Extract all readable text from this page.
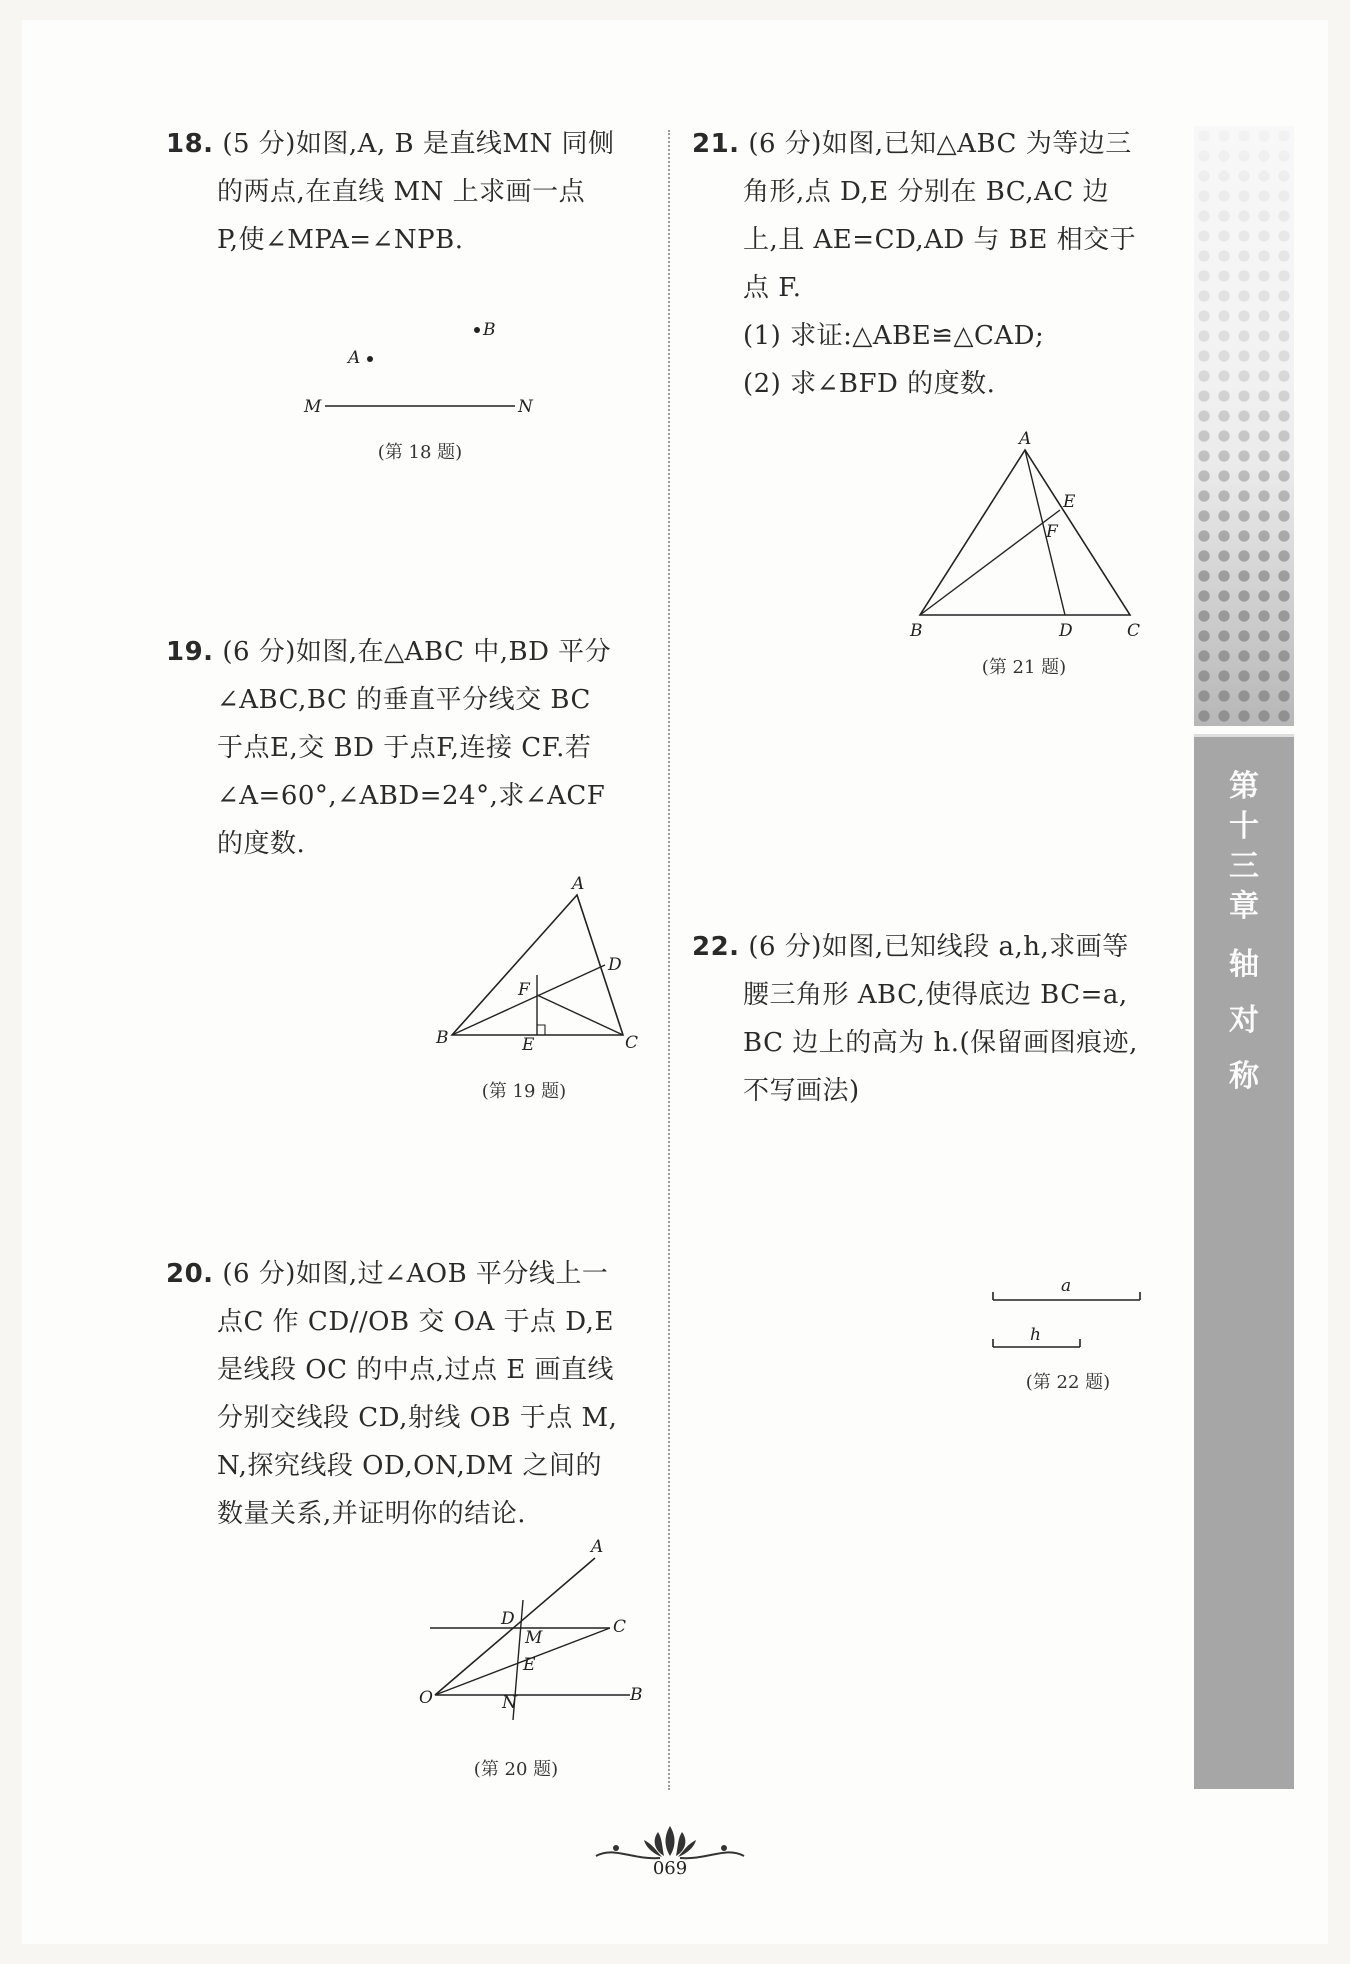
18. (5 分)如图,A, B 是直线MN 同侧
的两点,在直线 MN 上求画一点
P,使∠MPA=∠NPB.
A
B
M	N
(第 18 题)
19. (6 分)如图,在△ABC 中,BD 平分
∠ABC,BC 的垂直平分线交 BC
于点E,交 BD 于点F,连接 CF.若
∠A=60°,∠ABD=24°,求∠ACF
的度数.
A
B	C
D
E
F
(第 19 题)
20. (6 分)如图,过∠AOB 平分线上一
点C 作 CD//OB 交 OA 于点 D,E
是线段 OC 的中点,过点 E 画直线
分别交线段 CD,射线 OB 于点 M,
N,探究线段 OD,ON,DM 之间的
数量关系,并证明你的结论.
A
B
C
D
E
M
N
O
(第 20 题)
21. (6 分)如图,已知△ABC 为等边三
角形,点 D,E 分别在 BC,AC 边
上,且 AE=CD,AD 与 BE 相交于
点 F.
(1) 求证:△ABE≌△CAD;
(2) 求∠BFD 的度数.
A
B	C
D
E
F
(第 21 题)
22. (6 分)如图,已知线段 a,h,求画等
腰三角形 ABC,使得底边 BC=a,
BC 边上的高为 h.(保留画图痕迹,
不写画法)
a
h
(第 22 题)
第
十
三
章
轴
对
称
069
